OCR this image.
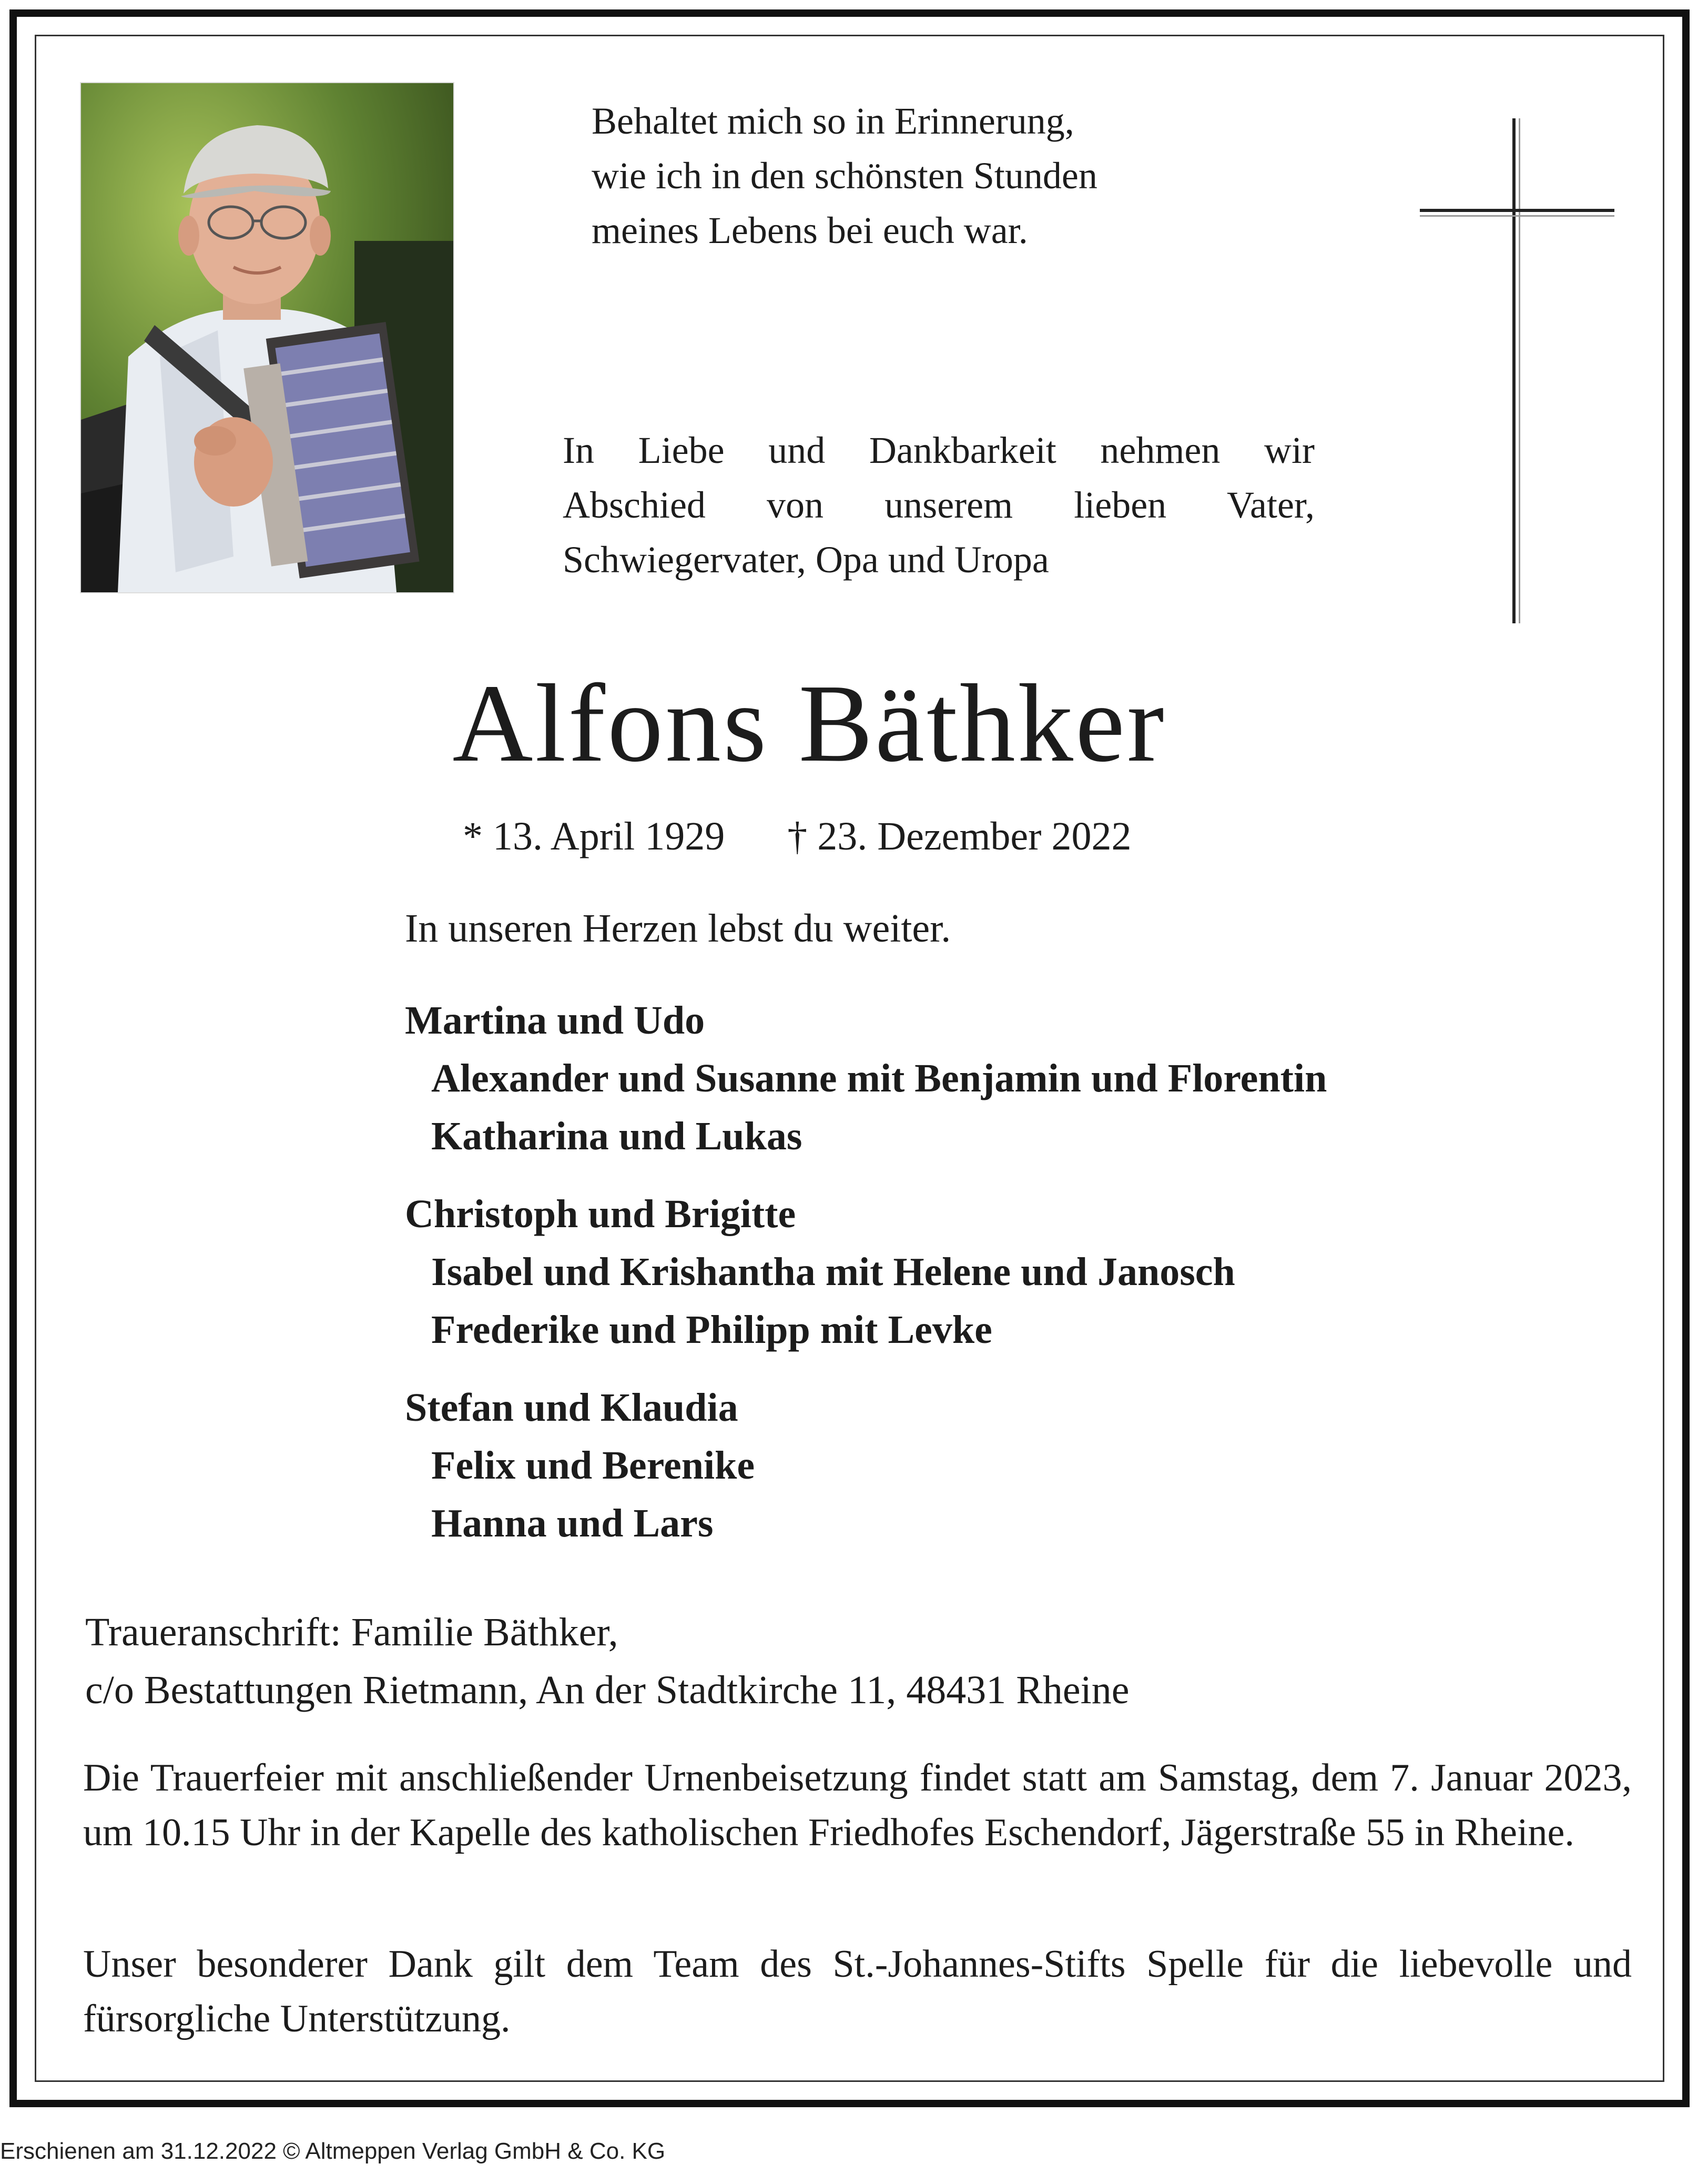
Behaltet mich so in Erinnerung,
wie ich in den schönsten Stunden
meines Lebens bei euch war.
In Liebe und Dankbarkeit nehmen wir
Abschied von unserem lieben Vater,
Schwiegervater, Opa und Uropa
Alfons Bäthker
* 13. April 1929 † 23. Dezember 2022
In unseren Herzen lebst du weiter.
Martina und Udo
Alexander und Susanne mit Benjamin und Florentin
Katharina und Lukas
Christoph und Brigitte
Isabel und Krishantha mit Helene und Janosch
Frederike und Philipp mit Levke
Stefan und Klaudia
Felix und Berenike
Hanna und Lars
Traueranschrift: Familie Bäthker,
c/o Bestattungen Rietmann, An der Stadtkirche 11, 48431 Rheine
Die Trauerfeier mit anschließender Urnenbeisetzung findet statt am Samstag, dem 7. Januar 2023, um 10.15 Uhr in der Kapelle des katholischen Friedhofes Eschendorf, Jägerstraße 55 in Rheine.
Unser besonderer Dank gilt dem Team des St.-Johannes-Stifts Spelle für die liebevolle und fürsorgliche Unterstützung.
Erschienen am 31.12.2022 © Altmeppen Verlag GmbH & Co. KG
